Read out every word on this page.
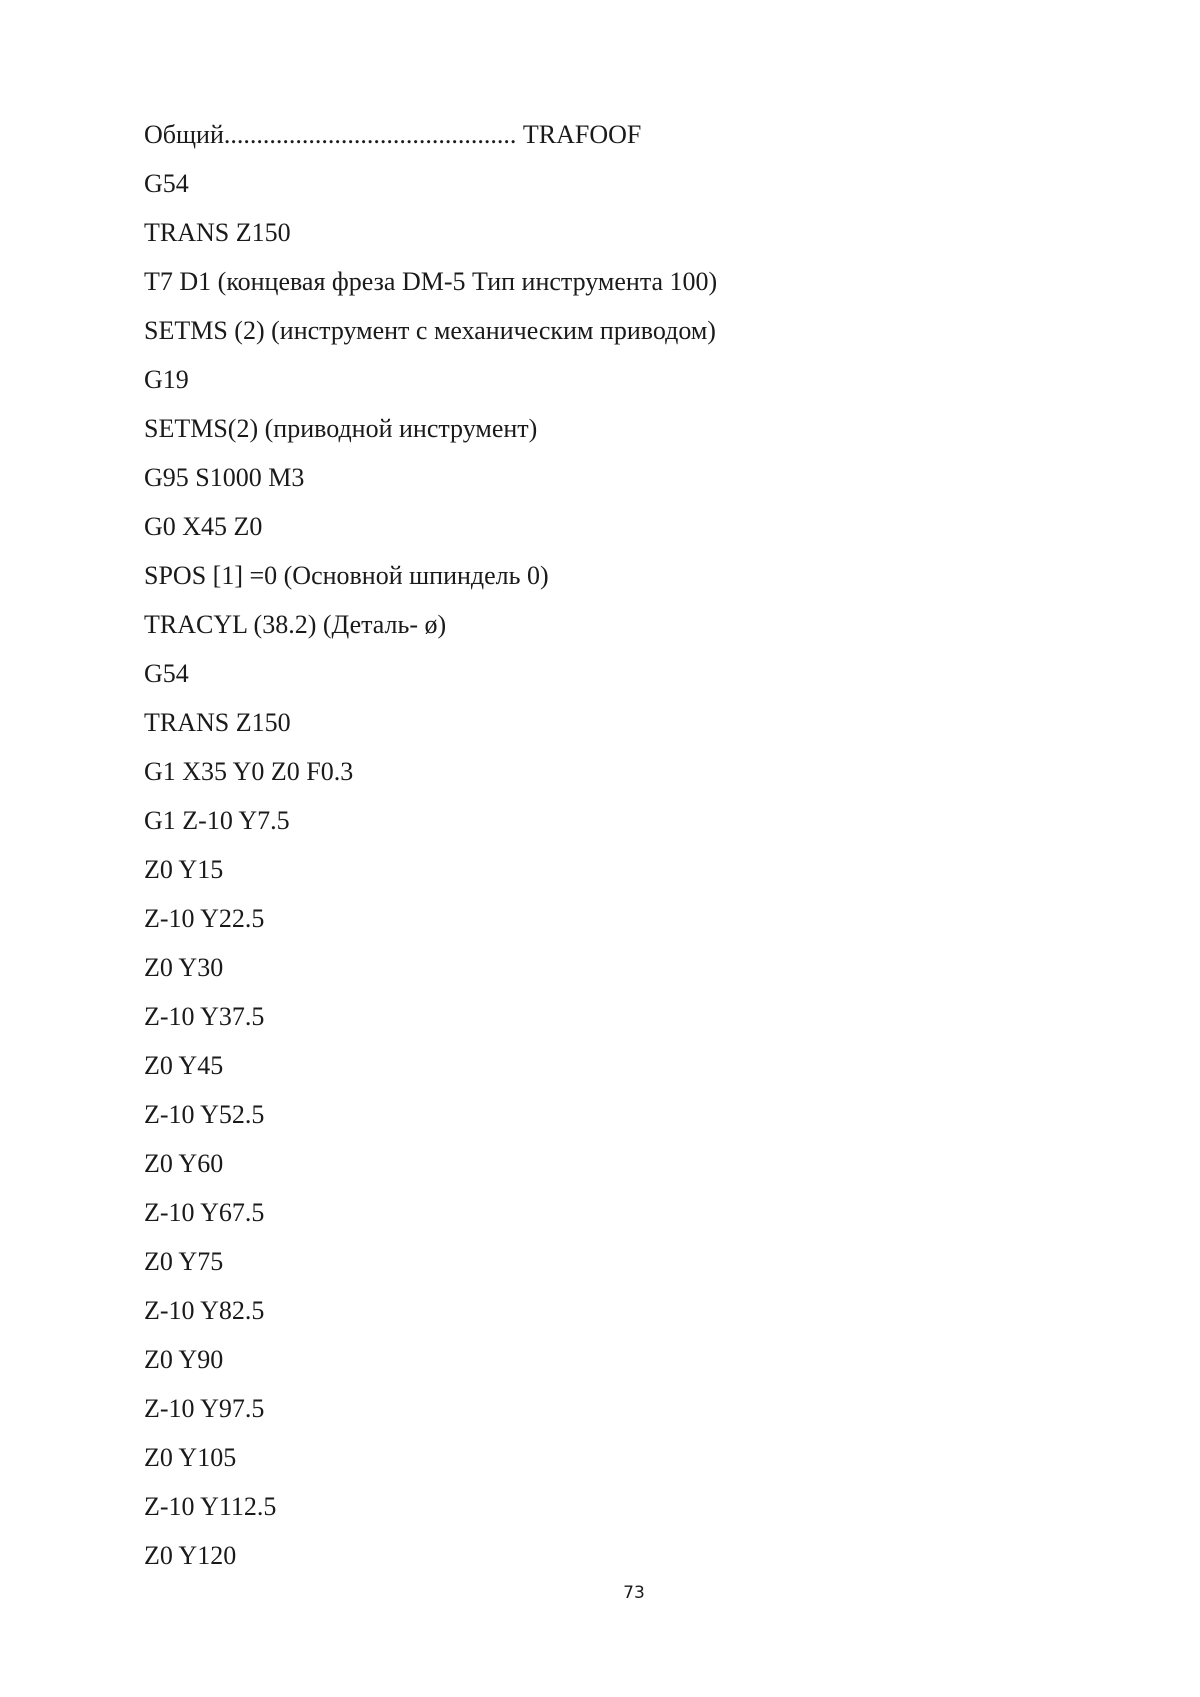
Общий............................................. TRAFOOF
G54
TRANS Z150
T7 D1 (концевая фреза DM-5 Тип инструмента 100)
SETMS (2) (инструмент с механическим приводом)
G19
SETMS(2) (приводной инструмент)
G95 S1000 M3
G0 X45 Z0
SPOS [1] =0 (Основной шпиндель 0)
TRACYL (38.2) (Деталь- ø)
G54
TRANS Z150
G1 X35 Y0 Z0 F0.3
G1 Z-10 Y7.5
Z0 Y15
Z-10 Y22.5
Z0 Y30
Z-10 Y37.5
Z0 Y45
Z-10 Y52.5
Z0 Y60
Z-10 Y67.5
Z0 Y75
Z-10 Y82.5
Z0 Y90
Z-10 Y97.5
Z0 Y105
Z-10 Y112.5
Z0 Y120
73
